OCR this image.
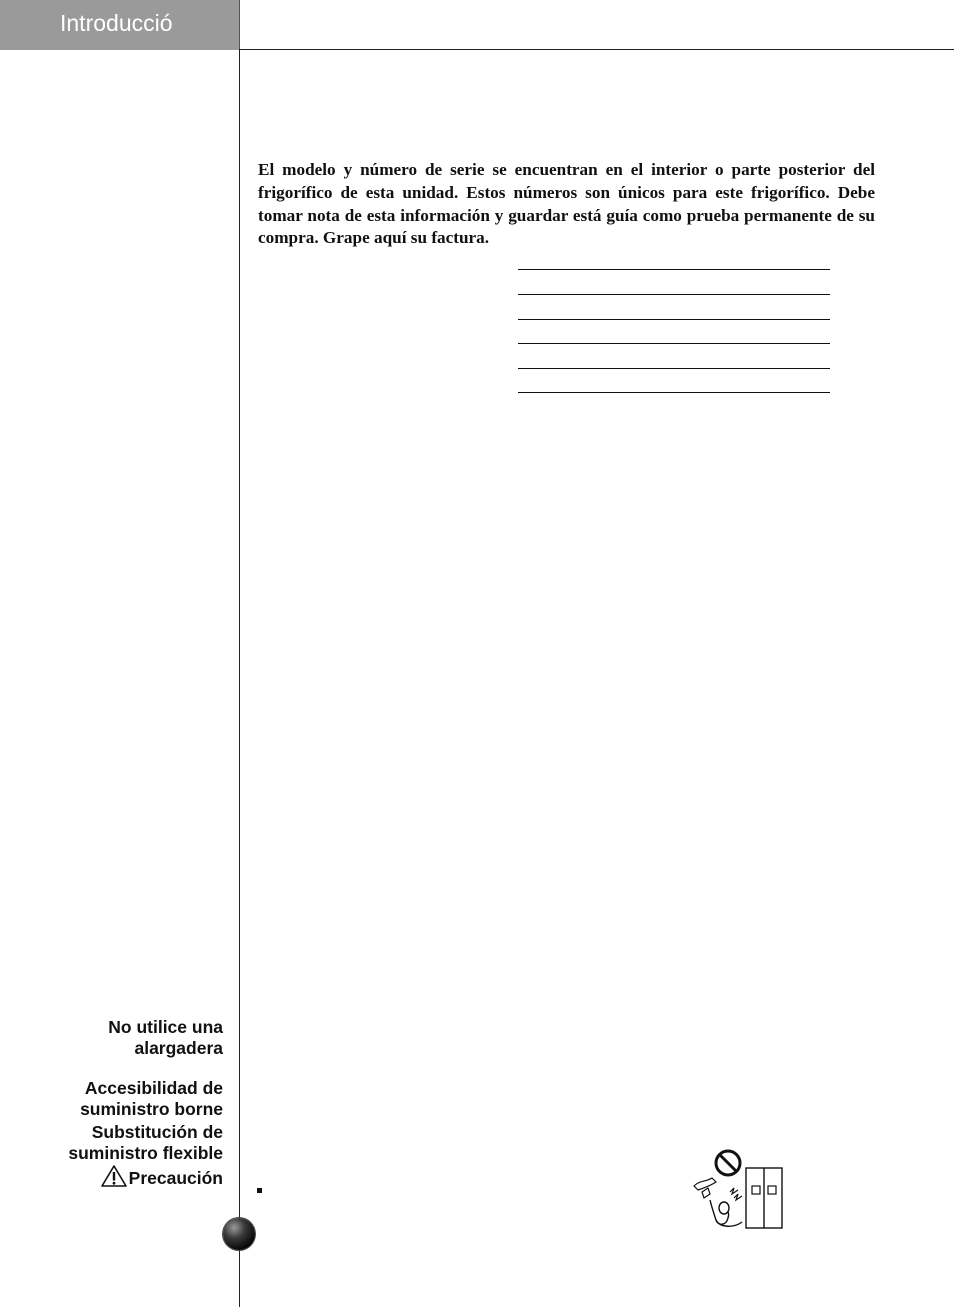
Introducció

El modelo y número de serie se encuentran en el interior o parte posterior del frigorífico de esta unidad. Estos números son únicos para este frigorífico. Debe tomar nota de esta información y guardar está guía como prueba permanente de su compra. Grape aquí su factura.

No utilice una alargadera
Accesibilidad de suministro borne
Substitución de suministro flexible
Precaución
